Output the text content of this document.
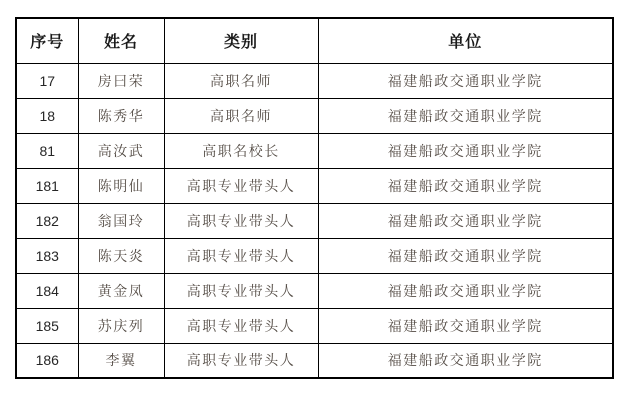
序号	姓名	类别	单位
17	房曰荣	高职名师	福建船政交通职业学院
18	陈秀华	高职名师	福建船政交通职业学院
81	高汝武	高职名校长	福建船政交通职业学院
181	陈明仙	高职专业带头人	福建船政交通职业学院
182	翁国玲	高职专业带头人	福建船政交通职业学院
183	陈天炎	高职专业带头人	福建船政交通职业学院
184	黄金凤	高职专业带头人	福建船政交通职业学院
185	苏庆列	高职专业带头人	福建船政交通职业学院
186	李翼	高职专业带头人	福建船政交通职业学院
